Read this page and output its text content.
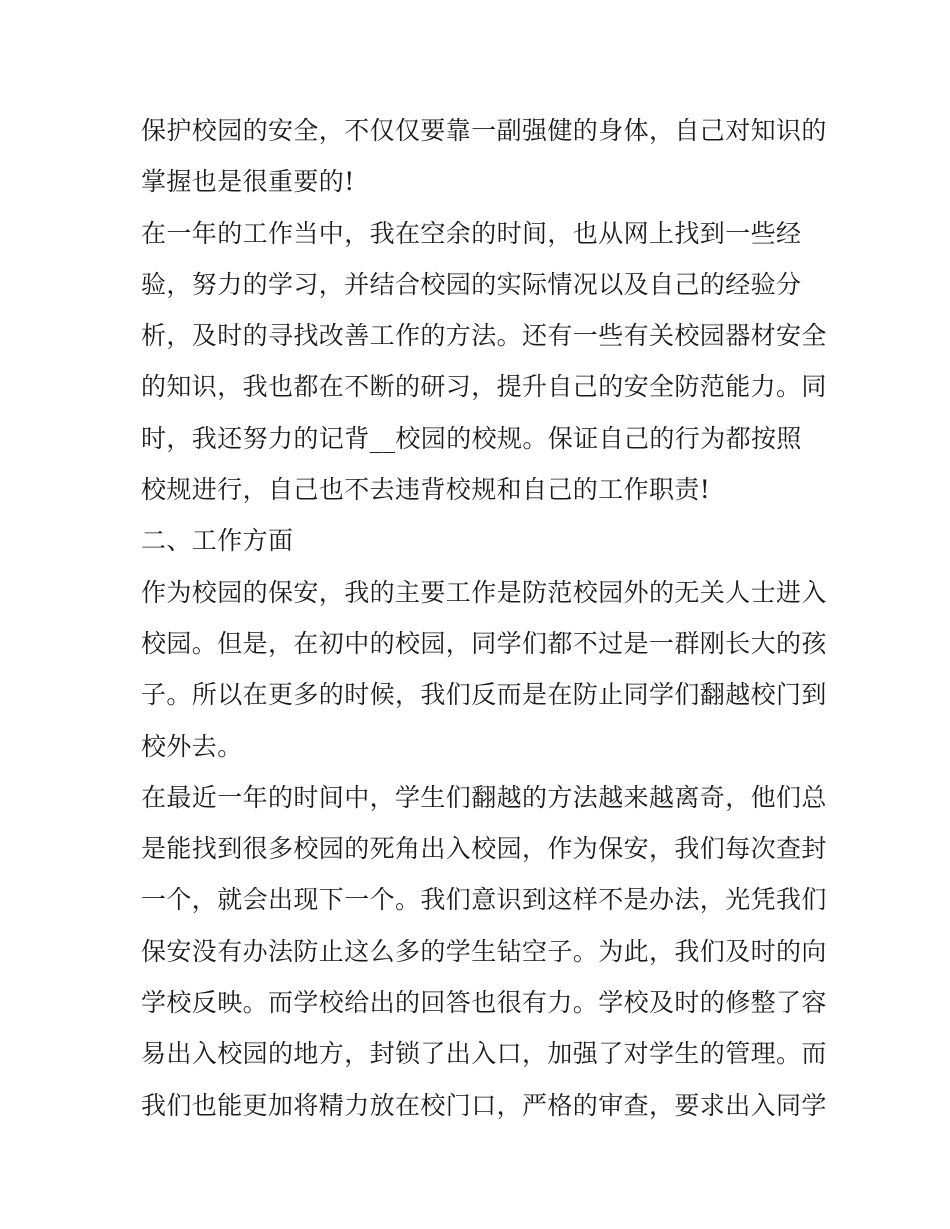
保护校园的安全，不仅仅要靠一副强健的身体，自己对知识的
掌握也是很重要的!
在一年的工作当中，我在空余的时间，也从网上找到一些经
验，努力的学习，并结合校园的实际情况以及自己的经验分
析，及时的寻找改善工作的方法。还有一些有关校园器材安全
的知识，我也都在不断的研习，提升自己的安全防范能力。同
时，我还努力的记背__校园的校规。保证自己的行为都按照
校规进行，自己也不去违背校规和自己的工作职责!
二、工作方面
作为校园的保安，我的主要工作是防范校园外的无关人士进入
校园。但是，在初中的校园，同学们都不过是一群刚长大的孩
子。所以在更多的时候，我们反而是在防止同学们翻越校门到
校外去。
在最近一年的时间中，学生们翻越的方法越来越离奇，他们总
是能找到很多校园的死角出入校园，作为保安，我们每次查封
一个，就会出现下一个。我们意识到这样不是办法，光凭我们
保安没有办法防止这么多的学生钻空子。为此，我们及时的向
学校反映。而学校给出的回答也很有力。学校及时的修整了容
易出入校园的地方，封锁了出入口，加强了对学生的管理。而
我们也能更加将精力放在校门口，严格的审查，要求出入同学
